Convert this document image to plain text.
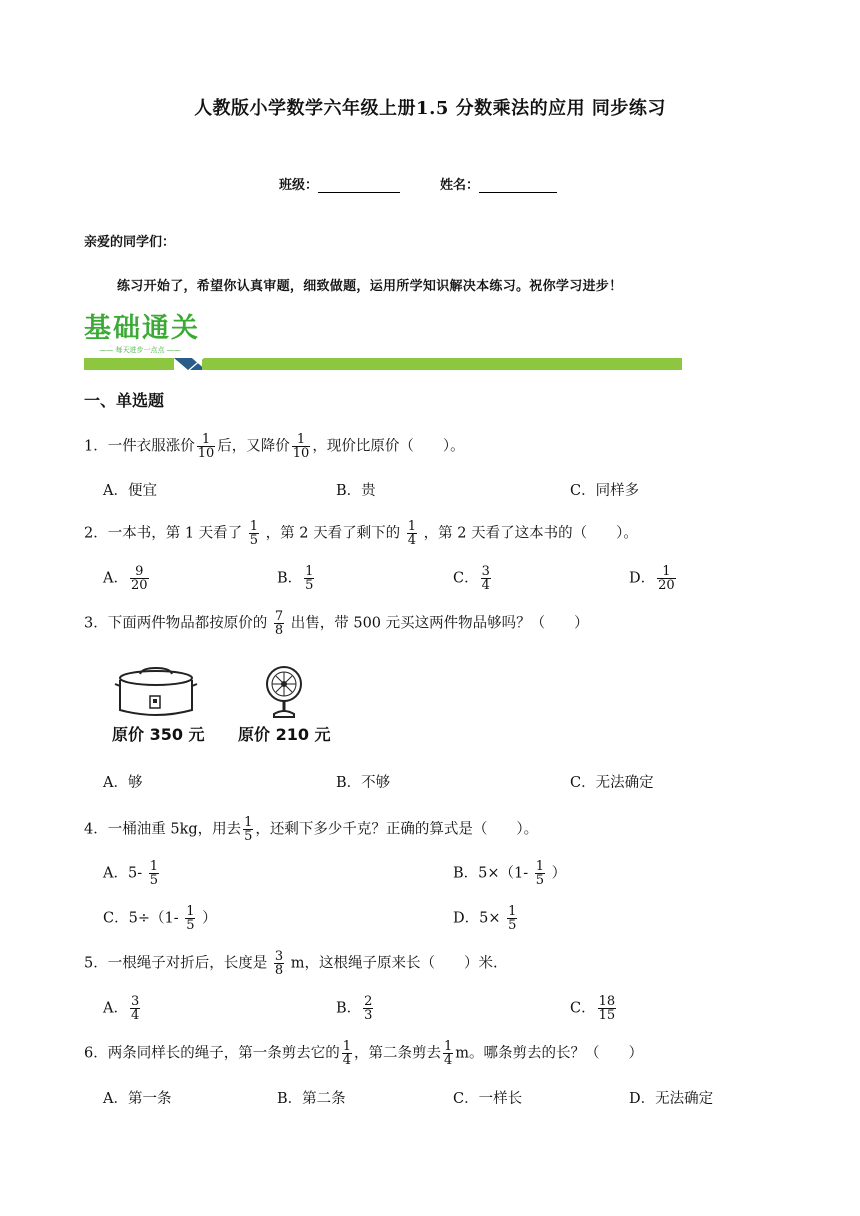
人教版小学数学六年级上册1.5 分数乘法的应用 同步练习
班级：	姓名：
亲爱的同学们：
练习开始了，希望你认真审题，细致做题，运用所学知识解决本练习。祝你学习进步！
基础通关
—— 每天进步一点点 ——
一、单选题
1．一件衣服涨价 $\frac{1}{10}$ 后，又降价 $\frac{1}{10}$ ，现价比原价（　　）。
A．便宜	B．贵	C．同样多
2．一本书，第 1 天看了 $\frac{1}{5}$ ，第 2 天看了剩下的 $\frac{1}{4}$ ，第 2 天看了这本书的（　　）。
A． $\frac{9}{20}$	B． $\frac{1}{5}$	C． $\frac{3}{4}$	D． $\frac{1}{20}$
3．下面两件物品都按原价的 $\frac{7}{8}$ 出售，带 500 元买这两件物品够吗？（　　）
原价 350 元 原价 210 元
A．够	B．不够	C．无法确定
4．一桶油重 5kg，用去 $\frac{1}{5}$ ，还剩下多少千克？正确的算式是（　　）。
A．$5- \frac{1}{5}$	B．$5\times(1- \frac{1}{5}$ ）
C．$5\div(1- \frac{1}{5}$ ）	D．$5\times \frac{1}{5}$
5．一根绳子对折后，长度是 $\frac{3}{8}$ m，这根绳子原来长（　　）米.
A． $\frac{3}{4}$	B． $\frac{2}{3}$	C． $\frac{18}{15}$
6．两条同样长的绳子，第一条剪去它的 $\frac{1}{4}$ ，第二条剪去 $\frac{1}{4}$ m。哪条剪去的长？（　　）
A．第一条	B．第二条	C．一样长	D．无法确定
